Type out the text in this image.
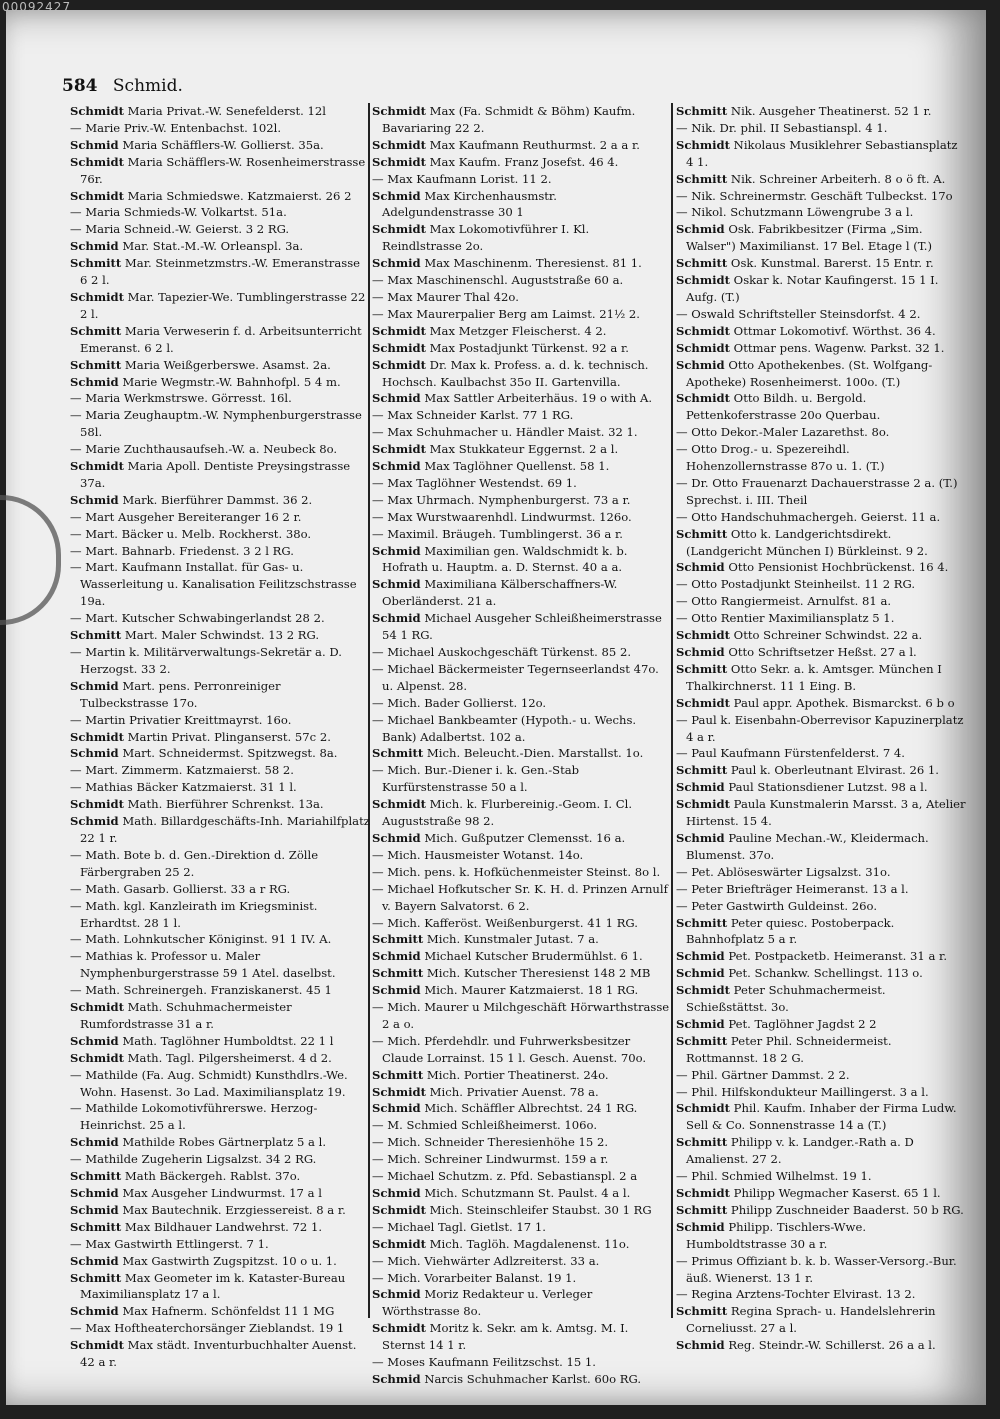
00092427
584 Schmid.
Schmidt Maria Privat.-W. Senefelderst. 12l
— Marie Priv.-W. Entenbachst. 102l.
Schmid Maria Schäfflers-W. Gollierst. 35a.
Schmidt Maria Schäfflers-W. Rosenheimerstrasse 76r.
Schmidt Maria Schmiedswe. Katzmaierst. 26 2
— Maria Schmieds-W. Volkartst. 51a.
— Maria Schneid.-W. Geierst. 3 2 RG.
Schmid Mar. Stat.-M.-W. Orleanspl. 3a.
Schmitt Mar. Steinmetzmstrs.-W. Emeranstrasse 6 2 l.
Schmidt Mar. Tapezier-We. Tumblingerstrasse 22 2 l.
Schmitt Maria Verweserin f. d. Arbeitsunterricht Emeranst. 6 2 l.
Schmitt Maria Weißgerberswe. Asamst. 2a.
Schmid Marie Wegmstr.-W. Bahnhofpl. 5 4 m.
— Maria Werkmstrswe. Görresst. 16l.
— Maria Zeughauptm.-W. Nymphenburgerstrasse 58l.
— Marie Zuchthausaufseh.-W. a. Neubeck 8o.
Schmidt Maria Apoll. Dentiste Preysingstrasse 37a.
Schmid Mark. Bierführer Dammst. 36 2.
— Mart Ausgeher Bereiteranger 16 2 r.
— Mart. Bäcker u. Melb. Rockherst. 38o.
— Mart. Bahnarb. Friedenst. 3 2 l RG.
— Mart. Kaufmann Installat. für Gas- u. Wasserleitung u. Kanalisation Feilitzschstrasse 19a.
— Mart. Kutscher Schwabingerlandst 28 2.
Schmitt Mart. Maler Schwindst. 13 2 RG.
— Martin k. Militärverwaltungs-Sekretär a. D. Herzogst. 33 2.
Schmid Mart. pens. Perronreiniger Tulbeckstrasse 17o.
— Martin Privatier Kreittmayrst. 16o.
Schmidt Martin Privat. Plinganserst. 57c 2.
Schmid Mart. Schneidermst. Spitzwegst. 8a.
— Mart. Zimmerm. Katzmaierst. 58 2.
— Mathias Bäcker Katzmaierst. 31 1 l.
Schmidt Math. Bierführer Schrenkst. 13a.
Schmid Math. Billardgeschäfts-Inh. Mariahilfplatz 22 1 r.
— Math. Bote b. d. Gen.-Direktion d. Zölle Färbergraben 25 2.
— Math. Gasarb. Gollierst. 33 a r RG.
— Math. kgl. Kanzleirath im Kriegsminist. Erhardtst. 28 1 l.
— Math. Lohnkutscher Königinst. 91 1 IV. A.
— Mathias k. Professor u. Maler Nymphenburgerstrasse 59 1 Atel. daselbst.
— Math. Schreinergeh. Franziskanerst. 45 1
Schmidt Math. Schuhmachermeister Rumfordstrasse 31 a r.
Schmid Math. Taglöhner Humboldtst. 22 1 l
Schmidt Math. Tagl. Pilgersheimerst. 4 d 2.
— Mathilde (Fa. Aug. Schmidt) Kunsthdlrs.-We. Wohn. Hasenst. 3o Lad. Maximiliansplatz 19.
— Mathilde Lokomotivführerswe. Herzog-Heinrichst. 25 a l.
Schmid Mathilde Robes Gärtnerplatz 5 a l.
— Mathilde Zugeherin Ligsalzst. 34 2 RG.
Schmitt Math Bäckergeh. Rablst. 37o.
Schmid Max Ausgeher Lindwurmst. 17 a l
Schmid Max Bautechnik. Erzgiessereist. 8 a r.
Schmitt Max Bildhauer Landwehrst. 72 1.
— Max Gastwirth Ettlingerst. 7 1.
Schmid Max Gastwirth Zugspitzst. 10 o u. 1.
Schmitt Max Geometer im k. Kataster-Bureau Maximiliansplatz 17 a l.
Schmid Max Hafnerm. Schönfeldst 11 1 MG
— Max Hoftheaterchorsänger Zieblandst. 19 1
Schmidt Max städt. Inventurbuchhalter Auenst. 42 a r.
Schmidt Max (Fa. Schmidt & Böhm) Kaufm. Bavariaring 22 2.
Schmidt Max Kaufmann Reuthurmst. 2 a a r.
Schmidt Max Kaufm. Franz Josefst. 46 4.
— Max Kaufmann Lorist. 11 2.
Schmid Max Kirchenhausmstr. Adelgundenstrasse 30 1
Schmidt Max Lokomotivführer I. Kl. Reindlstrasse 2o.
Schmid Max Maschinenm. Theresienst. 81 1.
— Max Maschinenschl. Auguststraße 60 a.
— Max Maurer Thal 42o.
— Max Maurerpalier Berg am Laimst. 21½ 2.
Schmidt Max Metzger Fleischerst. 4 2.
Schmidt Max Postadjunkt Türkenst. 92 a r.
Schmidt Dr. Max k. Profess. a. d. k. technisch. Hochsch. Kaulbachst 35o II. Gartenvilla.
Schmid Max Sattler Arbeiterhäus. 19 o with A.
— Max Schneider Karlst. 77 1 RG.
— Max Schuhmacher u. Händler Maist. 32 1.
Schmidt Max Stukkateur Eggernst. 2 a l.
Schmid Max Taglöhner Quellenst. 58 1.
— Max Taglöhner Westendst. 69 1.
— Max Uhrmach. Nymphenburgerst. 73 a r.
— Max Wurstwaarenhdl. Lindwurmst. 126o.
— Maximil. Bräugeh. Tumblingerst. 36 a r.
Schmid Maximilian gen. Waldschmidt k. b. Hofrath u. Hauptm. a. D. Sternst. 40 a a.
Schmid Maximiliana Kälberschaffners-W. Oberländerst. 21 a.
Schmid Michael Ausgeher Schleißheimerstrasse 54 1 RG.
— Michael Auskochgeschäft Türkenst. 85 2.
— Michael Bäckermeister Tegernseerlandst 47o. u. Alpenst. 28.
— Mich. Bader Gollierst. 12o.
— Michael Bankbeamter (Hypoth.- u. Wechs. Bank) Adalbertst. 102 a.
Schmitt Mich. Beleucht.-Dien. Marstallst. 1o.
— Mich. Bur.-Diener i. k. Gen.-Stab Kurfürstenstrasse 50 a l.
Schmidt Mich. k. Flurbereinig.-Geom. I. Cl. Auguststraße 98 2.
Schmid Mich. Gußputzer Clemensst. 16 a.
— Mich. Hausmeister Wotanst. 14o.
— Mich. pens. k. Hofküchenmeister Steinst. 8o l.
— Michael Hofkutscher Sr. K. H. d. Prinzen Arnulf v. Bayern Salvatorst. 6 2.
— Mich. Kafferöst. Weißenburgerst. 41 1 RG.
Schmitt Mich. Kunstmaler Jutast. 7 a.
Schmid Michael Kutscher Brudermühlst. 6 1.
Schmitt Mich. Kutscher Theresienst 148 2 MB
Schmid Mich. Maurer Katzmaierst. 18 1 RG.
— Mich. Maurer u Milchgeschäft Hörwarthstrasse 2 a o.
— Mich. Pferdehdlr. und Fuhrwerksbesitzer Claude Lorrainst. 15 1 l. Gesch. Auenst. 70o.
Schmitt Mich. Portier Theatinerst. 24o.
Schmidt Mich. Privatier Auenst. 78 a.
Schmid Mich. Schäffler Albrechtst. 24 1 RG.
— M. Schmied Schleißheimerst. 106o.
— Mich. Schneider Theresienhöhe 15 2.
— Mich. Schreiner Lindwurmst. 159 a r.
— Michael Schutzm. z. Pfd. Sebastianspl. 2 a
Schmid Mich. Schutzmann St. Paulst. 4 a l.
Schmidt Mich. Steinschleifer Staubst. 30 1 RG
— Michael Tagl. Gietlst. 17 1.
Schmidt Mich. Taglöh. Magdalenenst. 11o.
— Mich. Viehwärter Adlzreiterst. 33 a.
— Mich. Vorarbeiter Balanst. 19 1.
Schmid Moriz Redakteur u. Verleger Wörthstrasse 8o.
Schmidt Moritz k. Sekr. am k. Amtsg. M. I. Sternst 14 1 r.
— Moses Kaufmann Feilitzschst. 15 1.
Schmid Narcis Schuhmacher Karlst. 60o RG.
Schmitt Nik. Ausgeher Theatinerst. 52 1 r.
— Nik. Dr. phil. II Sebastianspl. 4 1.
Schmidt Nikolaus Musiklehrer Sebastiansplatz 4 1.
Schmitt Nik. Schreiner Arbeiterh. 8 o ö ft. A.
— Nik. Schreinermstr. Geschäft Tulbeckst. 17o
— Nikol. Schutzmann Löwengrube 3 a l.
Schmid Osk. Fabrikbesitzer (Firma „Sim. Walser") Maximilianst. 17 Bel. Etage l (T.)
Schmitt Osk. Kunstmal. Barerst. 15 Entr. r.
Schmidt Oskar k. Notar Kaufingerst. 15 1 I. Aufg. (T.)
— Oswald Schriftsteller Steinsdorfst. 4 2.
Schmidt Ottmar Lokomotivf. Wörthst. 36 4.
Schmidt Ottmar pens. Wagenw. Parkst. 32 1.
Schmid Otto Apothekenbes. (St. Wolfgang-Apotheke) Rosenheimerst. 100o. (T.)
Schmidt Otto Bildh. u. Bergold. Pettenkoferstrasse 20o Querbau.
— Otto Dekor.-Maler Lazarethst. 8o.
— Otto Drog.- u. Spezereihdl. Hohenzollernstrasse 87o u. 1. (T.)
— Dr. Otto Frauenarzt Dachauerstrasse 2 a. (T.) Sprechst. i. III. Theil
— Otto Handschuhmachergeh. Geierst. 11 a.
Schmitt Otto k. Landgerichtsdirekt. (Landgericht München I) Bürkleinst. 9 2.
Schmid Otto Pensionist Hochbrückenst. 16 4.
— Otto Postadjunkt Steinheilst. 11 2 RG.
— Otto Rangiermeist. Arnulfst. 81 a.
— Otto Rentier Maximiliansplatz 5 1.
Schmidt Otto Schreiner Schwindst. 22 a.
Schmid Otto Schriftsetzer Heßst. 27 a l.
Schmitt Otto Sekr. a. k. Amtsger. München I Thalkirchnerst. 11 1 Eing. B.
Schmidt Paul appr. Apothek. Bismarckst. 6 b o
— Paul k. Eisenbahn-Oberrevisor Kapuzinerplatz 4 a r.
— Paul Kaufmann Fürstenfelderst. 7 4.
Schmitt Paul k. Oberleutnant Elvirast. 26 1.
Schmid Paul Stationsdiener Lutzst. 98 a l.
Schmidt Paula Kunstmalerin Marsst. 3 a, Atelier Hirtenst. 15 4.
Schmid Pauline Mechan.-W., Kleidermach. Blumenst. 37o.
— Pet. Ablöseswärter Ligsalzst. 31o.
— Peter Briefträger Heimeranst. 13 a l.
— Peter Gastwirth Guldeinst. 26o.
Schmitt Peter quiesc. Postoberpack. Bahnhofplatz 5 a r.
Schmid Pet. Postpacketb. Heimeranst. 31 a r.
Schmid Pet. Schankw. Schellingst. 113 o.
Schmidt Peter Schuhmachermeist. Schießstättst. 3o.
Schmid Pet. Taglöhner Jagdst 2 2
Schmitt Peter Phil. Schneidermeist. Rottmannst. 18 2 G.
— Phil. Gärtner Dammst. 2 2.
— Phil. Hilfskondukteur Maillingerst. 3 a l.
Schmidt Phil. Kaufm. Inhaber der Firma Ludw. Sell & Co. Sonnenstrasse 14 a (T.)
Schmitt Philipp v. k. Landger.-Rath a. D Amalienst. 27 2.
— Phil. Schmied Wilhelmst. 19 1.
Schmidt Philipp Wegmacher Kaserst. 65 1 l.
Schmitt Philipp Zuschneider Baaderst. 50 b RG.
Schmid Philipp. Tischlers-Wwe. Humboldtstrasse 30 a r.
— Primus Offiziant b. k. b. Wasser-Versorg.-Bur. äuß. Wienerst. 13 1 r.
— Regina Arztens-Tochter Elvirast. 13 2.
Schmitt Regina Sprach- u. Handelslehrerin Corneliusst. 27 a l.
Schmid Reg. Steindr.-W. Schillerst. 26 a a l.
